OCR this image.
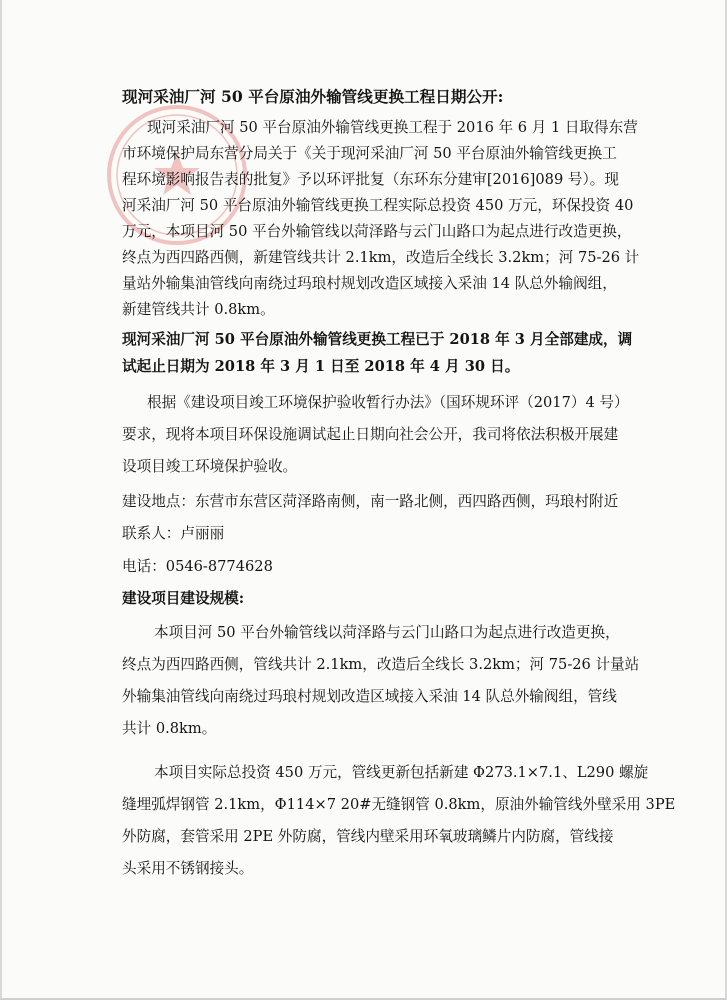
现河采油厂河 50 平台原油外输管线更换工程日期公开:
现河采油厂河 50 平台原油外输管线更换工程于 2016 年 6 月 1 日取得东营
市环境保护局东营分局关于《关于现河采油厂河 50 平台原油外输管线更换工
程环境影响报告表的批复》予以环评批复（东环东分建审[2016]089 号）。现
河采油厂河 50 平台原油外输管线更换工程实际总投资 450 万元，环保投资 40
万元，本项目河 50 平台外输管线以菏泽路与云门山路口为起点进行改造更换，
终点为西四路西侧，新建管线共计 2.1km，改造后全线长 3.2km；河 75-26 计
量站外输集油管线向南绕过玛琅村规划改造区域接入采油 14 队总外输阀组，
新建管线共计 0.8km。
现河采油厂河 50 平台原油外输管线更换工程已于 2018 年 3 月全部建成，调
试起止日期为 2018 年 3 月 1 日至 2018 年 4 月 30 日。
根据《建设项目竣工环境保护验收暂行办法》（国环规环评（2017）4 号）
要求，现将本项目环保设施调试起止日期向社会公开，我司将依法积极开展建
设项目竣工环境保护验收。
建设地点：东营市东营区菏泽路南侧，南一路北侧，西四路西侧，玛琅村附近
联系人：卢丽丽
电话：0546-8774628
建设项目建设规模:
本项目河 50 平台外输管线以菏泽路与云门山路口为起点进行改造更换，
终点为西四路西侧，管线共计 2.1km，改造后全线长 3.2km；河 75-26 计量站
外输集油管线向南绕过玛琅村规划改造区域接入采油 14 队总外输阀组，管线
共计 0.8km。
本项目实际总投资 450 万元，管线更新包括新建 Φ273.1×7.1、L290 螺旋
缝埋弧焊钢管 2.1km，Φ114×7 20#无缝钢管 0.8km，原油外输管线外壁采用 3PE
外防腐，套管采用 2PE 外防腐，管线内壁采用环氧玻璃鳞片内防腐，管线接
头采用不锈钢接头。
